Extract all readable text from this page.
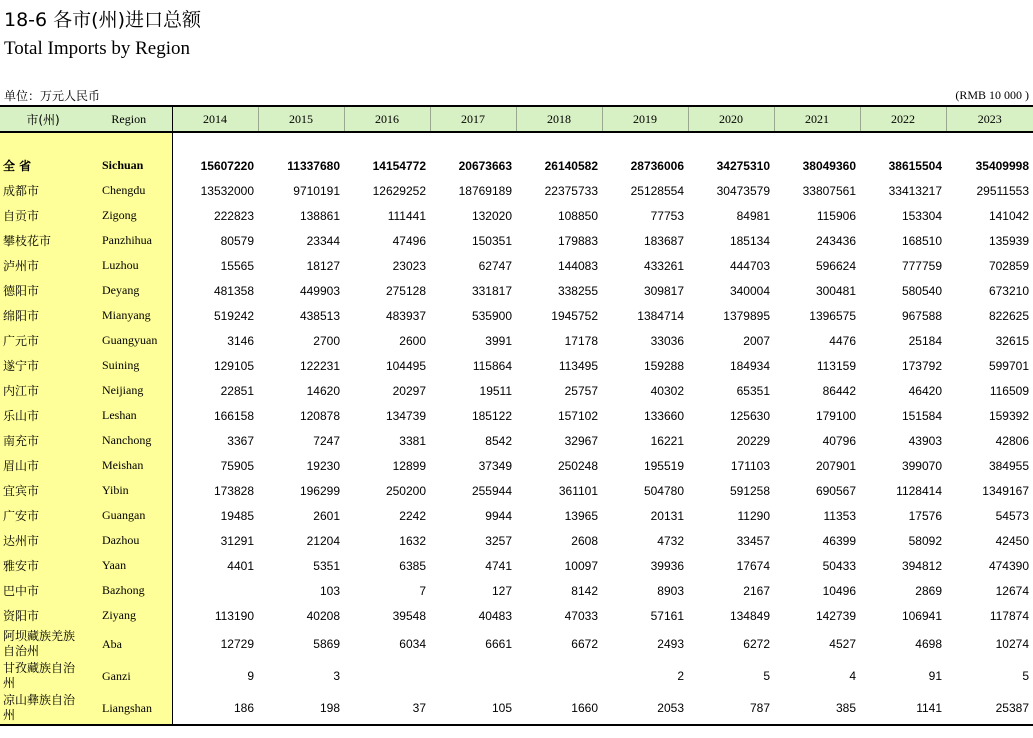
18-6 各市(州)进口总额
Total Imports by Region
单位：万元人民币	(RMB 10 000 )
市(州)	Region	2014	2015	2016	2017	2018	2019	2020	2021	2022	2023

全 省	Sichuan	15607220	11337680	14154772	20673663	26140582	28736006	34275310	38049360	38615504	35409998
成都市	Chengdu	13532000	9710191	12629252	18769189	22375733	25128554	30473579	33807561	33413217	29511553
自贡市	Zigong	222823	138861	111441	132020	108850	77753	84981	115906	153304	141042
攀枝花市	Panzhihua	80579	23344	47496	150351	179883	183687	185134	243436	168510	135939
泸州市	Luzhou	15565	18127	23023	62747	144083	433261	444703	596624	777759	702859
德阳市	Deyang	481358	449903	275128	331817	338255	309817	340004	300481	580540	673210
绵阳市	Mianyang	519242	438513	483937	535900	1945752	1384714	1379895	1396575	967588	822625
广元市	Guangyuan	3146	2700	2600	3991	17178	33036	2007	4476	25184	32615
遂宁市	Suining	129105	122231	104495	115864	113495	159288	184934	113159	173792	599701
内江市	Neijiang	22851	14620	20297	19511	25757	40302	65351	86442	46420	116509
乐山市	Leshan	166158	120878	134739	185122	157102	133660	125630	179100	151584	159392
南充市	Nanchong	3367	7247	3381	8542	32967	16221	20229	40796	43903	42806
眉山市	Meishan	75905	19230	12899	37349	250248	195519	171103	207901	399070	384955
宜宾市	Yibin	173828	196299	250200	255944	361101	504780	591258	690567	1128414	1349167
广安市	Guangan	19485	2601	2242	9944	13965	20131	11290	11353	17576	54573
达州市	Dazhou	31291	21204	1632	3257	2608	4732	33457	46399	58092	42450
雅安市	Yaan	4401	5351	6385	4741	10097	39936	17674	50433	394812	474390
巴中市	Bazhong		103	7	127	8142	8903	2167	10496	2869	12674
资阳市	Ziyang	113190	40208	39548	40483	47033	57161	134849	142739	106941	117874
阿坝藏族羌族自治州	Aba	12729	5869	6034	6661	6672	2493	6272	4527	4698	10274
甘孜藏族自治州	Ganzi	9	3				2	5	4	91	5
凉山彝族自治州	Liangshan	186	198	37	105	1660	2053	787	385	1141	25387
